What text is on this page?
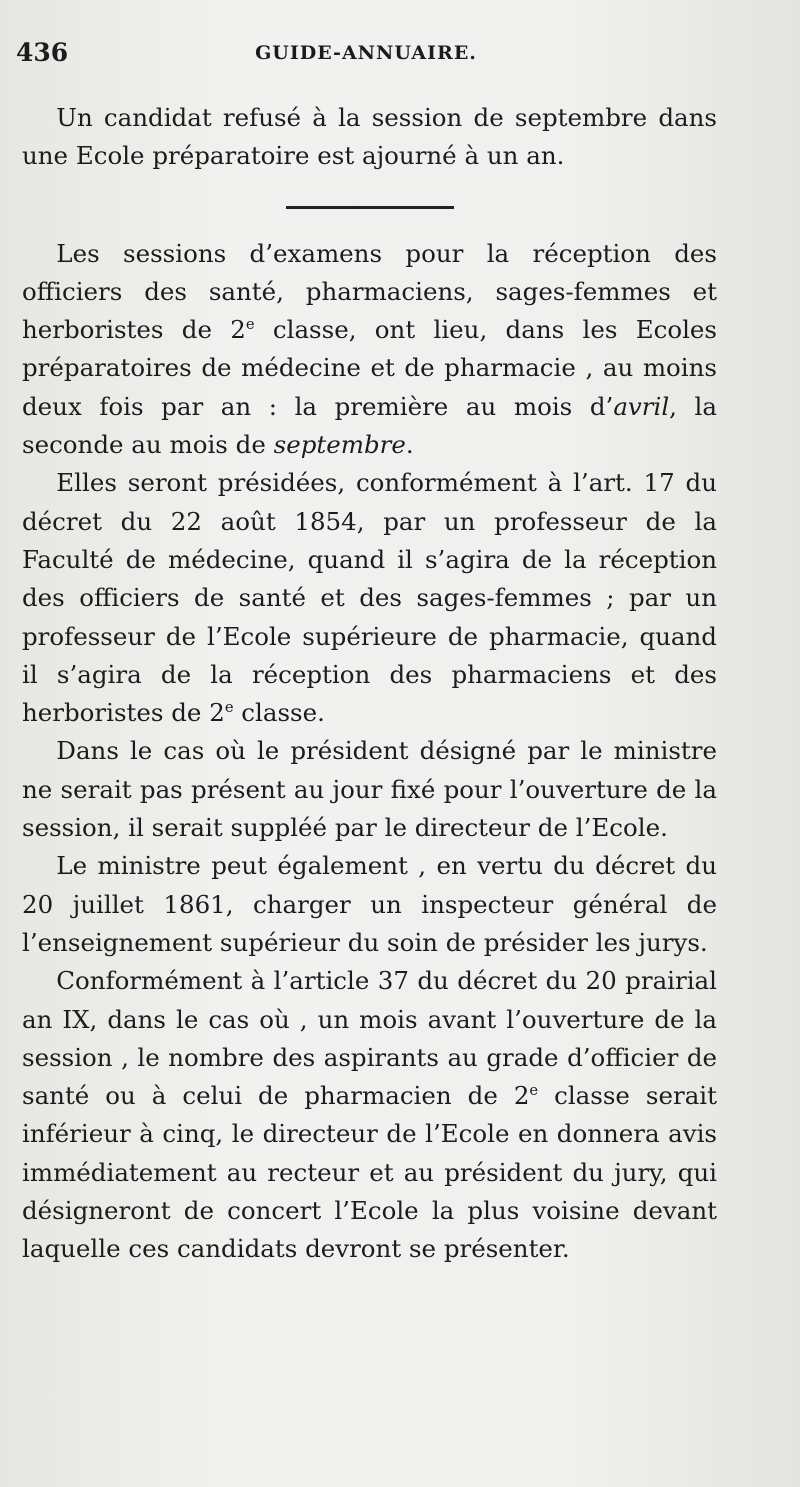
436	GUIDE-ANNUAIRE.

Un candidat refusé à la session de septembre dans une Ecole préparatoire est ajourné à un an.

Les sessions d’examens pour la réception des officiers des santé, pharmaciens, sages-femmes et herboristes de 2e classe, ont lieu, dans les Ecoles préparatoires de médecine et de pharmacie , au moins deux fois par an : la première au mois d’avril, la seconde au mois de septembre.

Elles seront présidées, conformément à l’art. 17 du décret du 22 août 1854, par un professeur de la Faculté de médecine, quand il s’agira de la réception des officiers de santé et des sages-femmes ; par un professeur de l’Ecole supérieure de pharmacie, quand il s’agira de la réception des pharmaciens et des herboristes de 2e classe.

Dans le cas où le président désigné par le ministre ne serait pas présent au jour fixé pour l’ouverture de la session, il serait suppléé par le directeur de l’Ecole.

Le ministre peut également , en vertu du décret du 20 juillet 1861, charger un inspecteur général de l’enseignement supérieur du soin de présider les jurys.

Conformément à l’article 37 du décret du 20 prairial an IX, dans le cas où , un mois avant l’ouverture de la session , le nombre des aspirants au grade d’officier de santé ou à celui de pharmacien de 2e classe serait inférieur à cinq, le directeur de l’Ecole en donnera avis immédiatement au recteur et au président du jury, qui désigneront de concert l’Ecole la plus voisine devant laquelle ces candidats devront se présenter.
